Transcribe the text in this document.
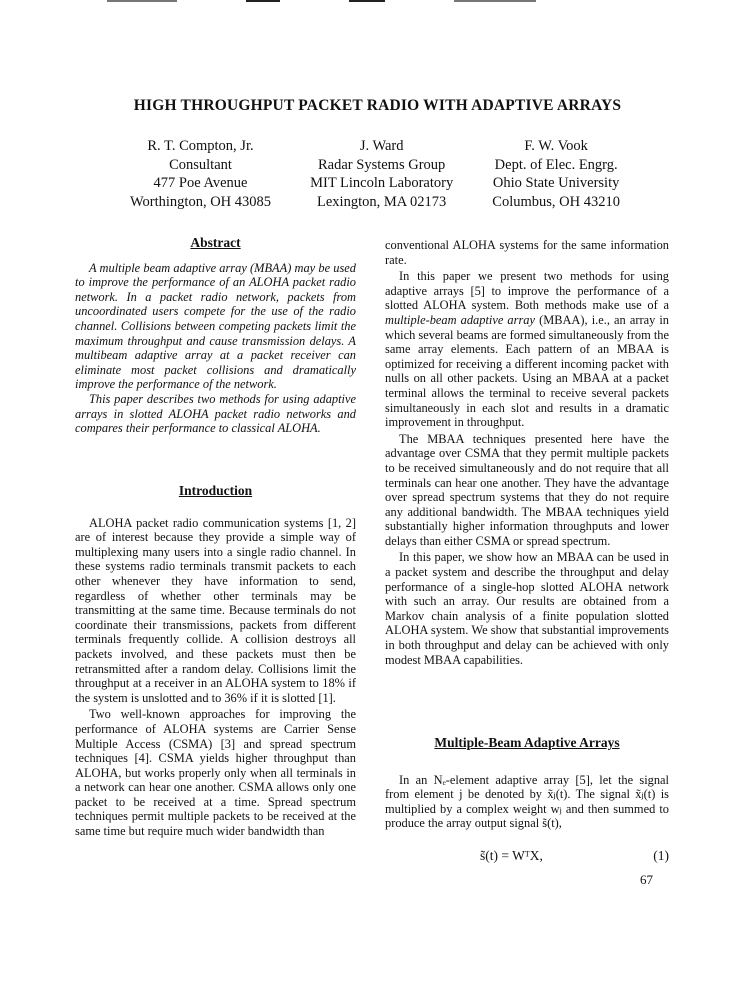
HIGH THROUGHPUT PACKET RADIO WITH ADAPTIVE ARRAYS
R. T. Compton, Jr.
Consultant
477 Poe Avenue
Worthington, OH 43085
J. Ward
Radar Systems Group
MIT Lincoln Laboratory
Lexington, MA 02173
F. W. Vook
Dept. of Elec. Engrg.
Ohio State University
Columbus, OH 43210
Abstract

A multiple beam adaptive array (MBAA) may be used to improve the performance of an ALOHA packet radio network. In a packet radio network, packets from uncoordinated users compete for the use of the radio channel. Collisions between competing packets limit the maximum throughput and cause transmission delays. A multibeam adaptive array at a packet receiver can eliminate most packet collisions and dramatically improve the performance of the network.

This paper describes two methods for using adaptive arrays in slotted ALOHA packet radio networks and compares their performance to classical ALOHA.

Introduction

ALOHA packet radio communication systems [1, 2] are of interest because they provide a simple way of multiplexing many users into a single radio channel. In these systems radio terminals transmit packets to each other whenever they have information to send, regardless of whether other terminals may be transmitting at the same time. Because terminals do not coordinate their transmissions, packets from different terminals frequently collide. A collision destroys all packets involved, and these packets must then be retransmitted after a random delay. Collisions limit the throughput at a receiver in an ALOHA system to 18% if the system is unslotted and to 36% if it is slotted [1].

Two well-known approaches for improving the performance of ALOHA systems are Carrier Sense Multiple Access (CSMA) [3] and spread spectrum techniques [4]. CSMA yields higher throughput than ALOHA, but works properly only when all terminals in a network can hear one another. CSMA allows only one packet to be received at a time. Spread spectrum techniques permit multiple packets to be received at the same time but require much wider bandwidth than

conventional ALOHA systems for the same information rate.

In this paper we present two methods for using adaptive arrays [5] to improve the performance of a slotted ALOHA system. Both methods make use of a multiple-beam adaptive array (MBAA), i.e., an array in which several beams are formed simultaneously from the same array elements. Each pattern of an MBAA is optimized for receiving a different incoming packet with nulls on all other packets. Using an MBAA at a packet terminal allows the terminal to receive several packets simultaneously in each slot and results in a dramatic improvement in throughput.

The MBAA techniques presented here have the advantage over CSMA that they permit multiple packets to be received simultaneously and do not require that all terminals can hear one another. They have the advantage over spread spectrum systems that they do not require any additional bandwidth. The MBAA techniques yield substantially higher information throughputs and lower delays than either CSMA or spread spectrum.

In this paper, we show how an MBAA can be used in a packet system and describe the throughput and delay performance of a single-hop slotted ALOHA network with such an array. Our results are obtained from a Markov chain analysis of a finite population slotted ALOHA system. We show that substantial improvements in both throughput and delay can be achieved with only modest MBAA capabilities.

Multiple-Beam Adaptive Arrays

In an Nₑ-element adaptive array [5], let the signal from element j be denoted by x̃ⱼ(t). The signal x̃ⱼ(t) is multiplied by a complex weight wⱼ and then summed to produce the array output signal s̃(t),

s̃(t) = WᵀX,	(1)
67
